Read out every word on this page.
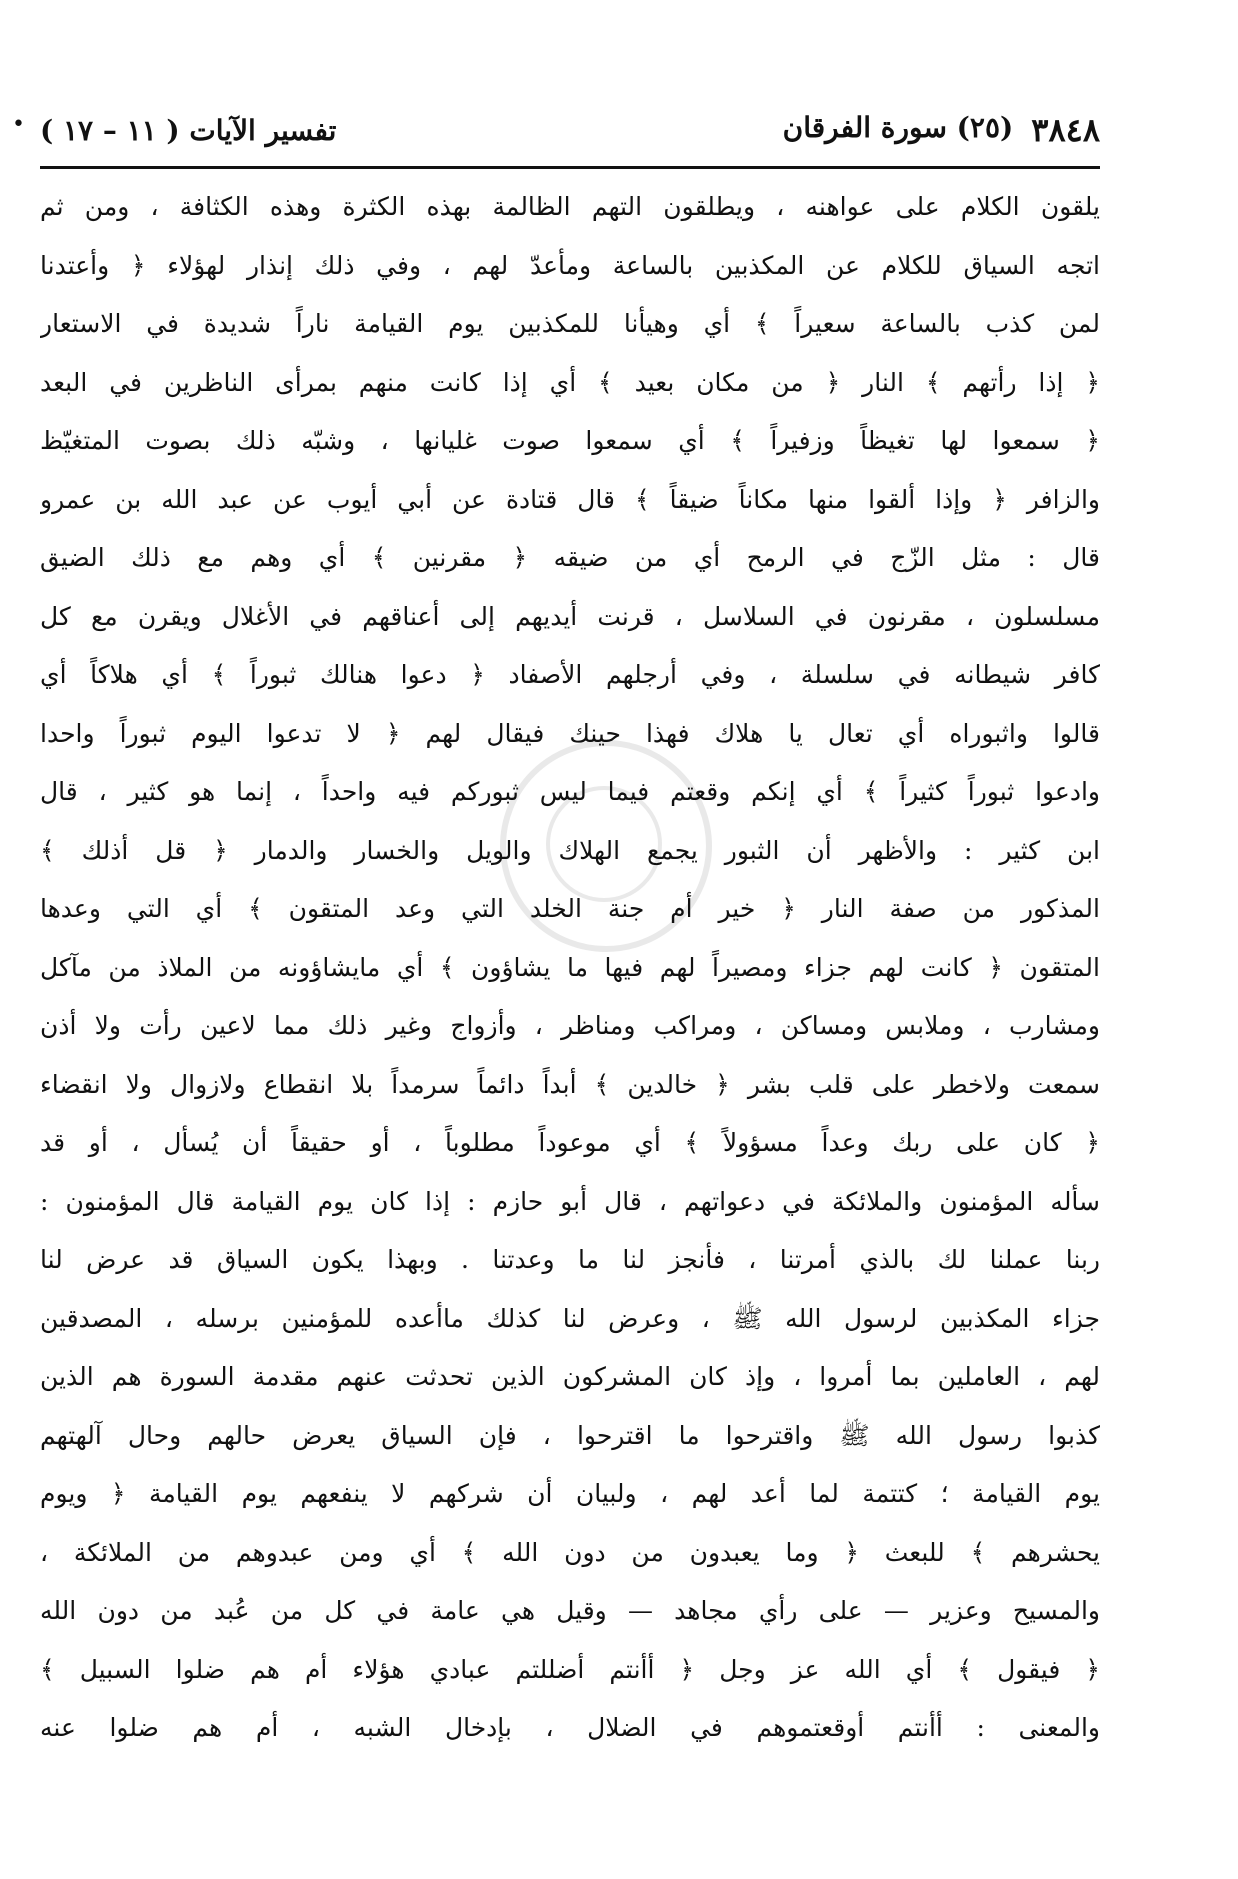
•	٣٨٤٨
(٢٥) سورة الفرقان
تفسير الآيات ( ١١ – ١٧ )
يلقون الكلام على عواهنه ، ويطلقون التهم الظالمة بهذه الكثرة وهذه الكثافة ، ومن ثم
اتجه السياق للكلام عن المكذبين بالساعة ومأعدّ لهم ، وفي ذلك إنذار لهؤلاء ﴿ وأعتدنا
لمن كذب بالساعة سعيراً ﴾ أي وهيأنا للمكذبين يوم القيامة ناراً شديدة في الاستعار
﴿ إذا رأتهم ﴾ النار ﴿ من مكان بعيد ﴾ أي إذا كانت منهم بمرأى الناظرين في البعد
﴿ سمعوا لها تغيظاً وزفيراً ﴾ أي سمعوا صوت غليانها ، وشبّه ذلك بصوت المتغيّظ
والزافر ﴿ وإذا ألقوا منها مكاناً ضيقاً ﴾ قال قتادة عن أبي أيوب عن عبد الله بن عمرو
قال : مثل الزّج في الرمح أي من ضيقه ﴿ مقرنين ﴾ أي وهم مع ذلك الضيق
مسلسلون ، مقرنون في السلاسل ، قرنت أيديهم إلى أعناقهم في الأغلال ويقرن مع كل
كافر شيطانه في سلسلة ، وفي أرجلهم الأصفاد ﴿ دعوا هنالك ثبوراً ﴾ أي هلاكاً أي
قالوا واثبوراه أي تعال يا هلاك فهذا حينك فيقال لهم ﴿ لا تدعوا اليوم ثبوراً واحدا
وادعوا ثبوراً كثيراً ﴾ أي إنكم وقعتم فيما ليس ثبوركم فيه واحداً ، إنما هو كثير ، قال
ابن كثير : والأظهر أن الثبور يجمع الهلاك والويل والخسار والدمار ﴿ قل أذلك ﴾
المذكور من صفة النار ﴿ خير أم جنة الخلد التي وعد المتقون ﴾ أي التي وعدها
المتقون ﴿ كانت لهم جزاء ومصيراً لهم فيها ما يشاؤون ﴾ أي مايشاؤونه من الملاذ من مآكل
ومشارب ، وملابس ومساكن ، ومراكب ومناظر ، وأزواج وغير ذلك مما لاعين رأت ولا أذن
سمعت ولاخطر على قلب بشر ﴿ خالدين ﴾ أبداً دائماً سرمداً بلا انقطاع ولازوال ولا انقضاء
﴿ كان على ربك وعداً مسؤولاً ﴾ أي موعوداً مطلوباً ، أو حقيقاً أن يُسأل ، أو قد
سأله المؤمنون والملائكة في دعواتهم ، قال أبو حازم : إذا كان يوم القيامة قال المؤمنون :
ربنا عملنا لك بالذي أمرتنا ، فأنجز لنا ما وعدتنا . وبهذا يكون السياق قد عرض لنا
جزاء المكذبين لرسول الله ﷺ ، وعرض لنا كذلك ماأعده للمؤمنين برسله ، المصدقين
لهم ، العاملين بما أمروا ، وإذ كان المشركون الذين تحدثت عنهم مقدمة السورة هم الذين
كذبوا رسول الله ﷺ واقترحوا ما اقترحوا ، فإن السياق يعرض حالهم وحال آلهتهم
يوم القيامة ؛ كتتمة لما أعد لهم ، ولبيان أن شركهم لا ينفعهم يوم القيامة ﴿ ويوم
يحشرهم ﴾ للبعث ﴿ وما يعبدون من دون الله ﴾ أي ومن عبدوهم من الملائكة ،
والمسيح وعزير — على رأي مجاهد — وقيل هي عامة في كل من عُبد من دون الله
﴿ فيقول ﴾ أي الله عز وجل ﴿ أأنتم أضللتم عبادي هؤلاء أم هم ضلوا السبيل ﴾
والمعنى : أأنتم أوقعتموهم في الضلال ، بإدخال الشبه ، أم هم ضلوا عنه
